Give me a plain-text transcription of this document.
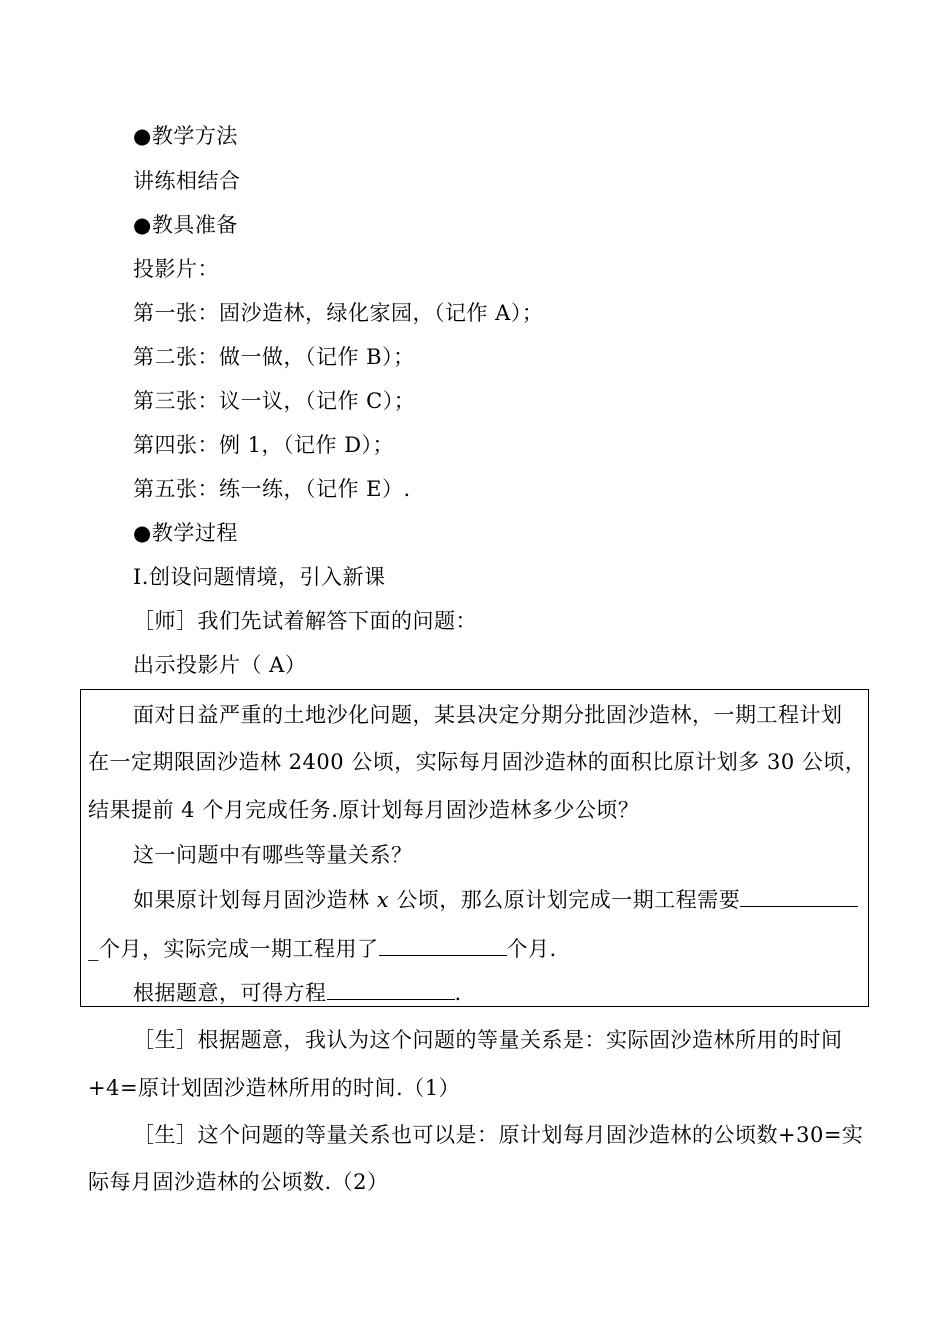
●教学方法
讲练相结合
●教具准备
投影片：
第一张：固沙造林，绿化家园，（记作 A）；
第二张：做一做，（记作 B）；
第三张：议一议，（记作 C）；
第四张：例 1，（记作 D）；
第五张：练一练，（记作 E）.
●教学过程
Ⅰ.创设问题情境，引入新课
［师］我们先试着解答下面的问题：
出示投影片（ A）
面对日益严重的土地沙化问题，某县决定分期分批固沙造林，一期工程计划
在一定期限固沙造林 2400 公顷，实际每月固沙造林的面积比原计划多 30 公顷，
结果提前 4 个月完成任务.原计划每月固沙造林多少公顷？
这一问题中有哪些等量关系？
如果原计划每月固沙造林 x 公顷，那么原计划完成一期工程需要
_个月，实际完成一期工程用了	个月.
根据题意，可得方程	.
［生］根据题意，我认为这个问题的等量关系是：实际固沙造林所用的时间
+4=原计划固沙造林所用的时间.（1）
［生］这个问题的等量关系也可以是：原计划每月固沙造林的公顷数+30=实
际每月固沙造林的公顷数.（2）
